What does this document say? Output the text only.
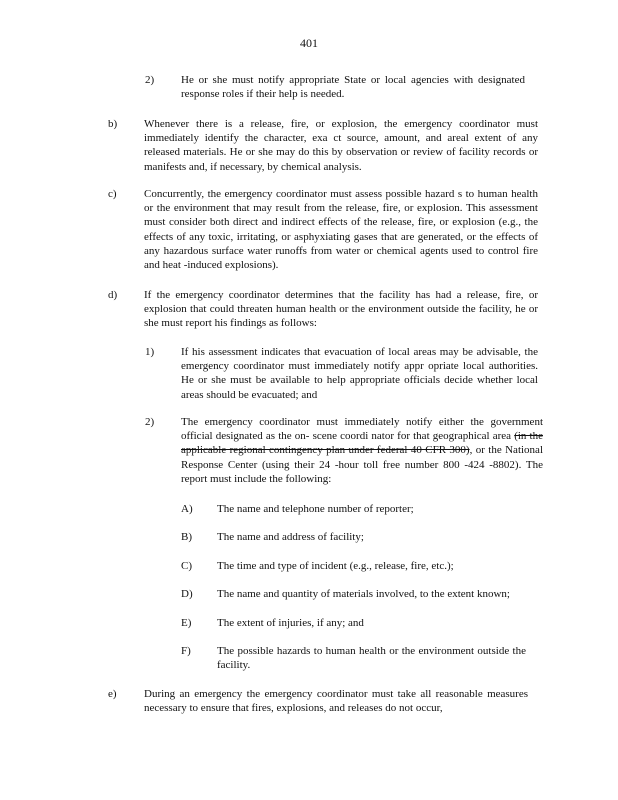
401
2) He or she must notify appropriate State or local agencies with designated response roles if their help is needed.
b) Whenever there is a release, fire, or explosion, the emergency coordinator must immediately identify the character, exa ct source, amount, and areal extent of any released materials. He or she may do this by observation or review of facility records or manifests and, if necessary, by chemical analysis.
c) Concurrently, the emergency coordinator must assess possible hazard s to human health or the environment that may result from the release, fire, or explosion. This assessment must consider both direct and indirect effects of the release, fire, or explosion (e.g., the effects of any toxic, irritating, or asphyxiating gases that are generated, or the effects of any hazardous surface water runoffs from water or chemical agents used to control fire and heat -induced explosions).
d) If the emergency coordinator determines that the facility has had a release, fire, or explosion that could threaten human health or the environment outside the facility, he or she must report his findings as follows:
1) If his assessment indicates that evacuation of local areas may be advisable, the emergency coordinator must immediately notify appr opriate local authorities. He or she must be available to help appropriate officials decide whether local areas should be evacuated; and
2) The emergency coordinator must immediately notify either the government official designated as the on- scene coordi nator for that geographical area (in the applicable regional contingency plan under federal 40 CFR 300), or the National Response Center (using their 24 -hour toll free number 800 -424 -8802). The report must include the following:
A) The name and telephone number of reporter;
B) The name and address of facility;
C) The time and type of incident (e.g., release, fire, etc.);
D) The name and quantity of materials involved, to the extent known;
E) The extent of injuries, if any; and
F) The possible hazards to human health or the environment outside the facility.
e) During an emergency the emergency coordinator must take all reasonable measures necessary to ensure that fires, explosions, and releases do not occur,
